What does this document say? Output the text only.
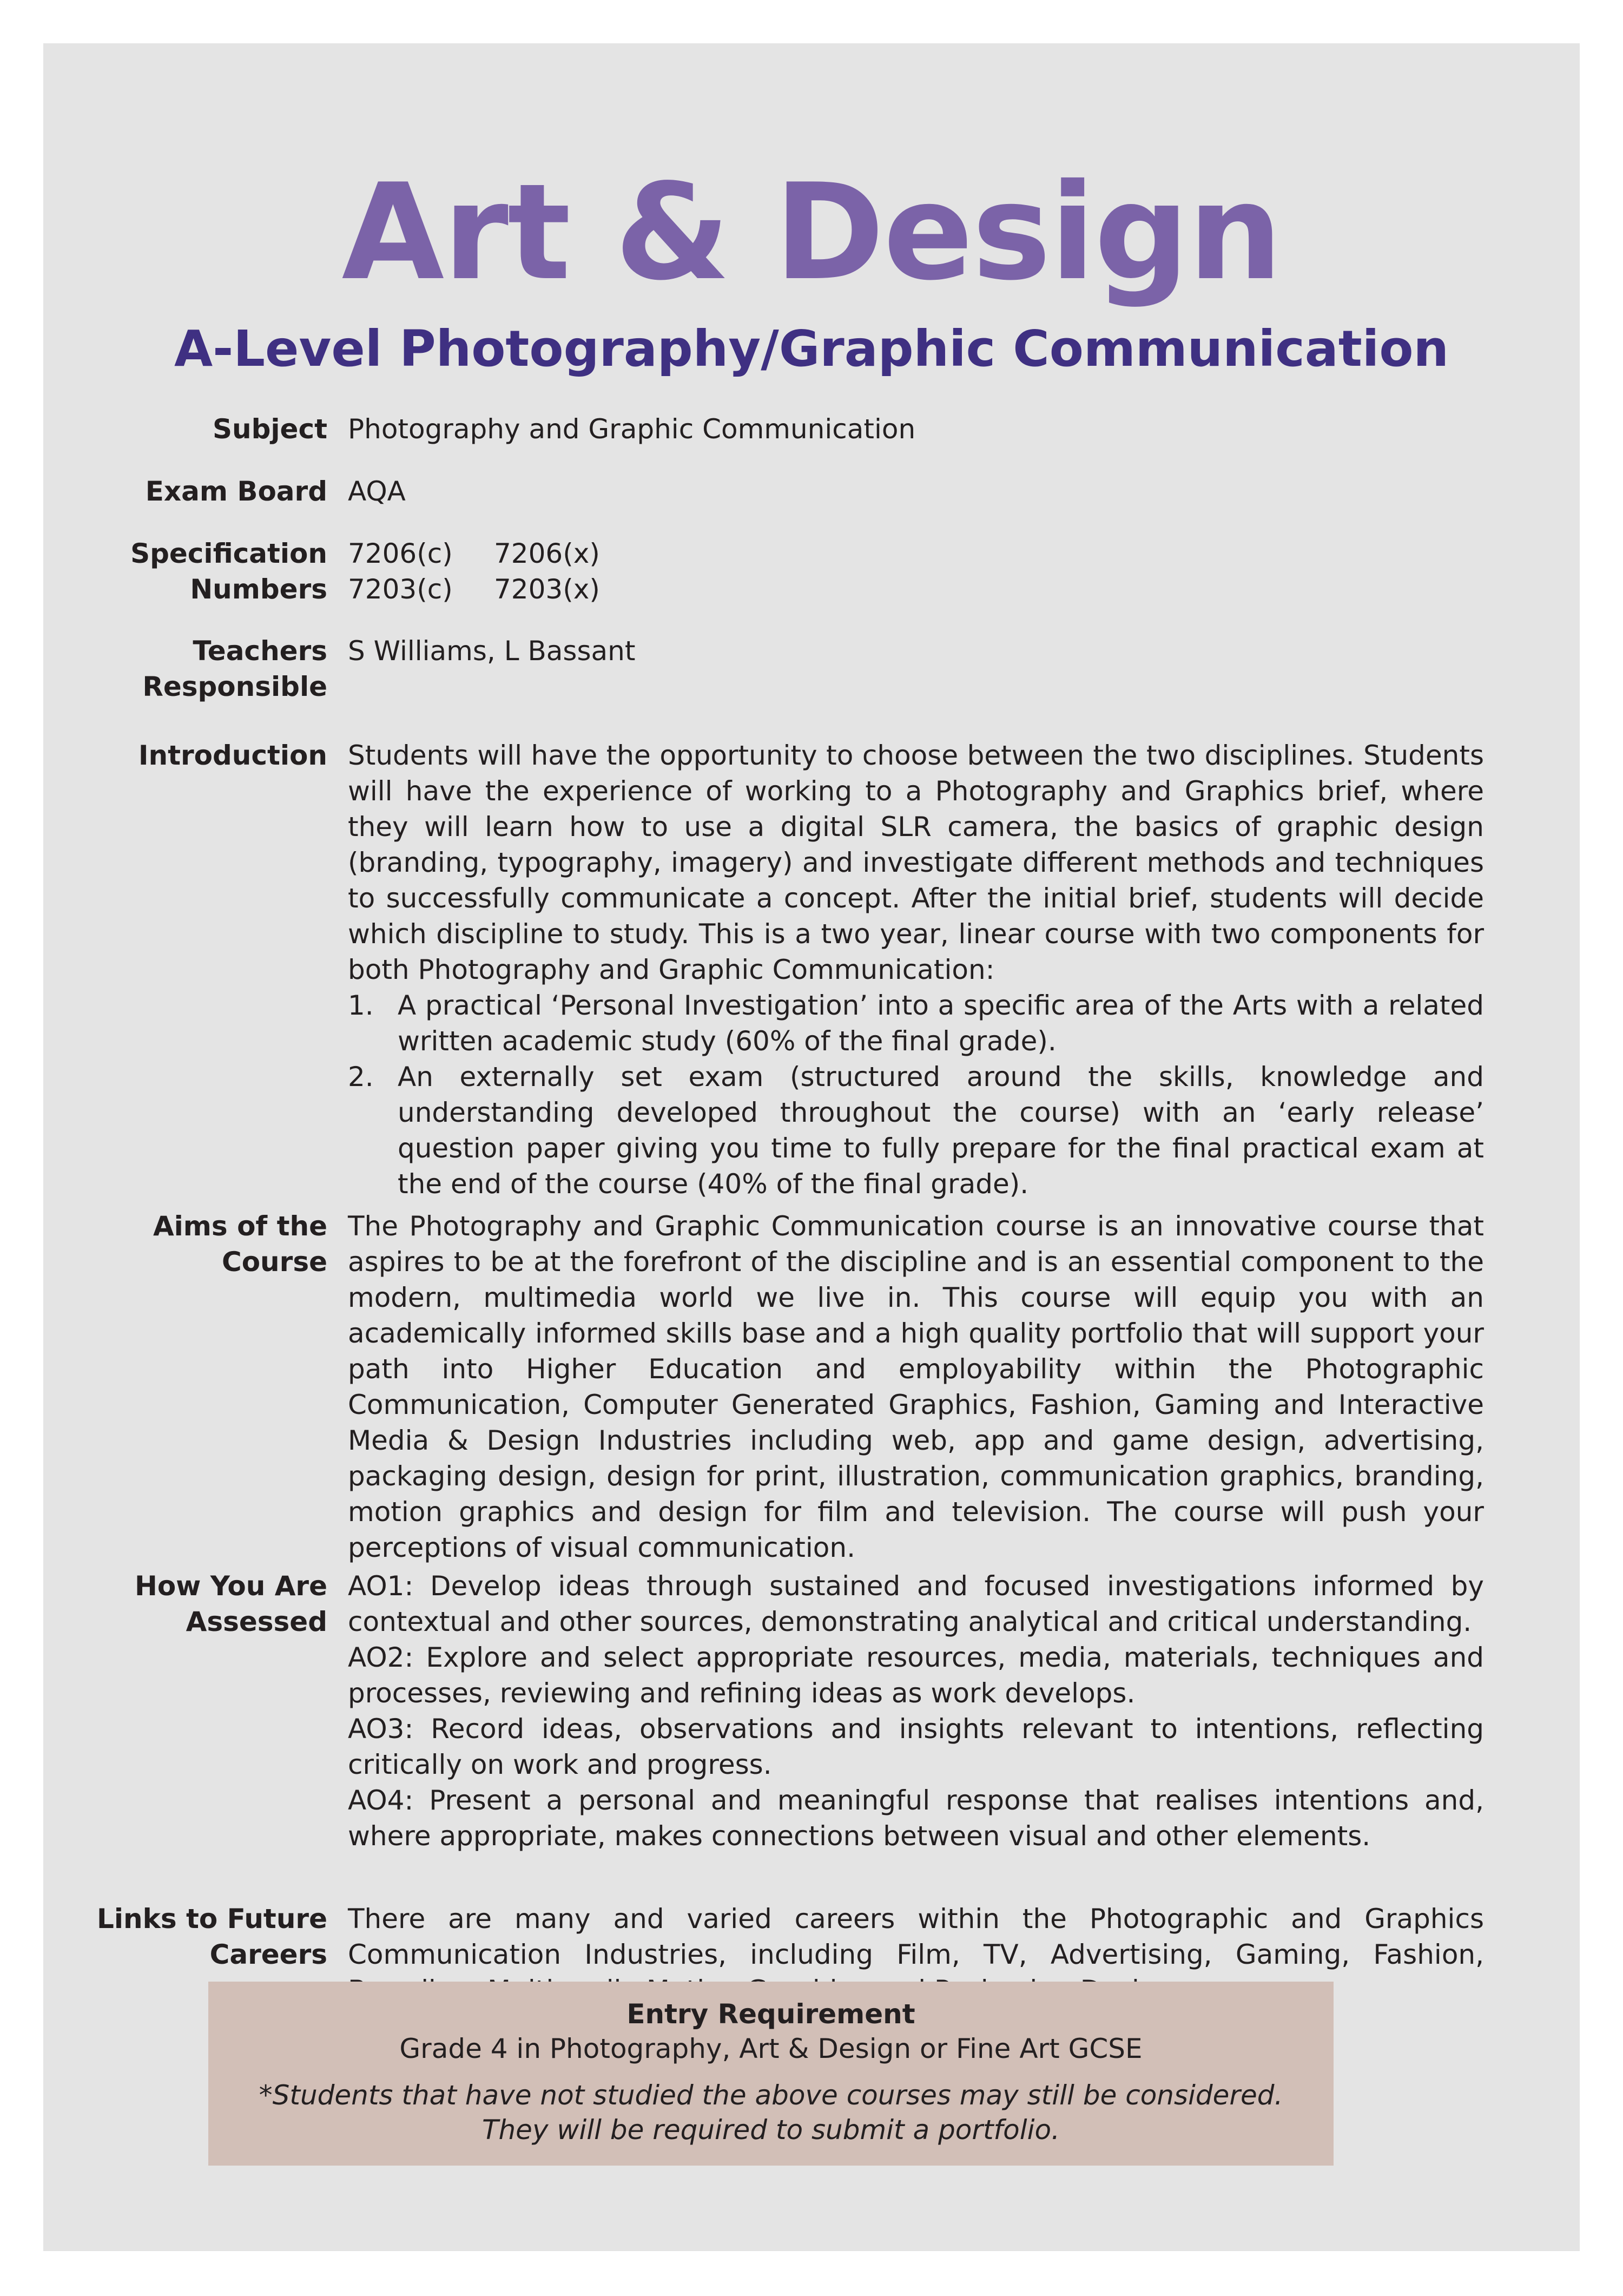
Art & Design
A-Level Photography/Graphic Communication
Subject Photography and Graphic Communication
Exam Board AQA
Specification
Numbers
7206(c)	7206(x)
7203(c)	7203(x)
Teachers
Responsible
S Williams, L Bassant
Introduction Students will have the opportunity to choose between the two disciplines. Students will have the experience of working to a Photography and Graphics brief, where they will learn how to use a digital SLR camera, the basics of graphic design (branding, typography, imagery) and investigate different methods and techniques to successfully communicate a concept. After the initial brief, students will decide which discipline to study. This is a two year, linear course with two components for both Photography and Graphic Communication:

1. A practical ‘Personal Investigation’ into a specific area of the Arts with a related written academic study (60% of the final grade).
2. An externally set exam (structured around the skills, knowledge and understanding developed throughout the course) with an ‘early release’ question paper giving you time to fully prepare for the final practical exam at the end of the course (40% of the final grade).
Aims of the
Course
The Photography and Graphic Communication course is an innovative course that aspires to be at the forefront of the discipline and is an essential component to the modern, multimedia world we live in. This course will equip you with an academically informed skills base and a high quality portfolio that will support your path into Higher Education and employability within the Photographic Communication, Computer Generated Graphics, Fashion, Gaming and Interactive Media & Design Industries including web, app and game design, advertising, packaging design, design for print, illustration, communication graphics, branding, motion graphics and design for film and television. The course will push your perceptions of visual communication.
How You Are
Assessed

AO1: Develop ideas through sustained and focused investigations informed by contextual and other sources, demonstrating analytical and critical understanding.

AO2: Explore and select appropriate resources, media, materials, techniques and processes, reviewing and refining ideas as work develops.

AO3: Record ideas, observations and insights relevant to intentions, reflecting critically on work and progress.

AO4: Present a personal and meaningful response that realises intentions and, where appropriate, makes connections between visual and other elements.

Links to Future
Careers
There are many and varied careers within the Photographic and Graphics Communication Industries, including Film, TV, Advertising, Gaming, Fashion,
Entry Requirement
Grade 4 in Photography, Art & Design or Fine Art GCSE
*Students that have not studied the above courses may still be considered. They will be required to submit a portfolio.
